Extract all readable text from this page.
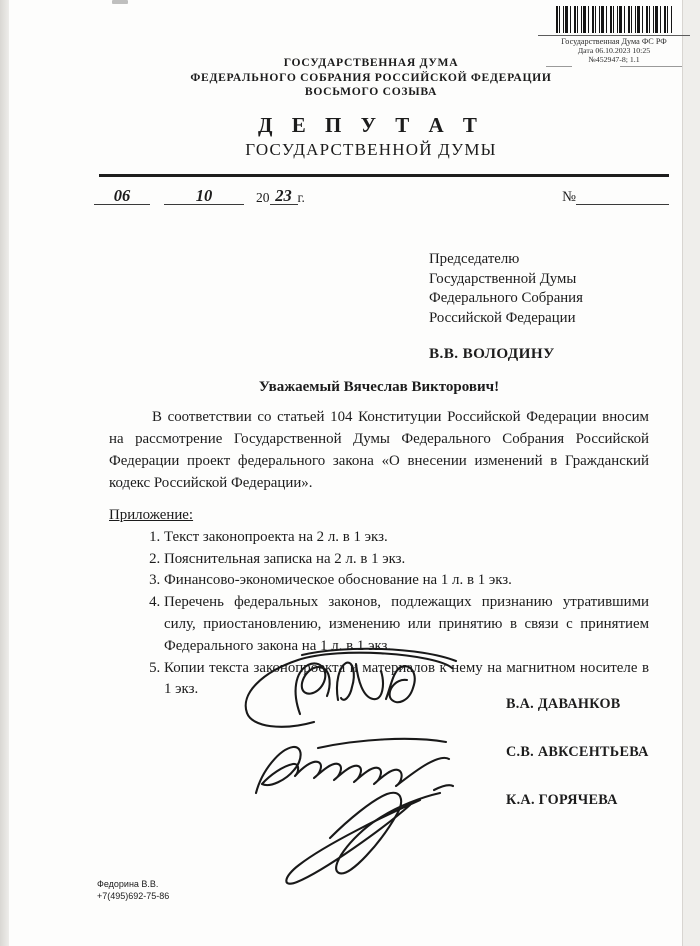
Государственная Дума ФС РФ
Дата 06.10.2023 10:25
№452947-8; 1.1
ГОСУДАРСТВЕННАЯ ДУМА
ФЕДЕРАЛЬНОГО СОБРАНИЯ РОССИЙСКОЙ ФЕДЕРАЦИИ
ВОСЬМОГО СОЗЫВА
Д Е П У Т А Т
ГОСУДАРСТВЕННОЙ ДУМЫ
06	10	20 23 г.	№
Председателю
Государственной Думы
Федерального Собрания
Российской Федерации
В.В. ВОЛОДИНУ
Уважаемый Вячеслав Викторович!
В соответствии со статьей 104 Конституции Российской Федерации вносим на рассмотрение Государственной Думы Федерального Собрания Российской Федерации проект федерального закона «О внесении изменений в Гражданский кодекс Российской Федерации».
Приложение:
1. Текст законопроекта на 2 л. в 1 экз.
2. Пояснительная записка на 2 л. в 1 экз.
3. Финансово-экономическое обоснование на 1 л. в 1 экз.
4. Перечень федеральных законов, подлежащих признанию утратившими силу, приостановлению, изменению или принятию в связи с принятием Федерального закона на 1 л. в 1 экз.
5. Копии текста законопроекта и материалов к нему на магнитном носителе в 1 экз.
В.А. ДАВАНКОВ
С.В. АВКСЕНТЬЕВА
К.А. ГОРЯЧЕВА
Федорина В.В.
+7(495)692-75-86
